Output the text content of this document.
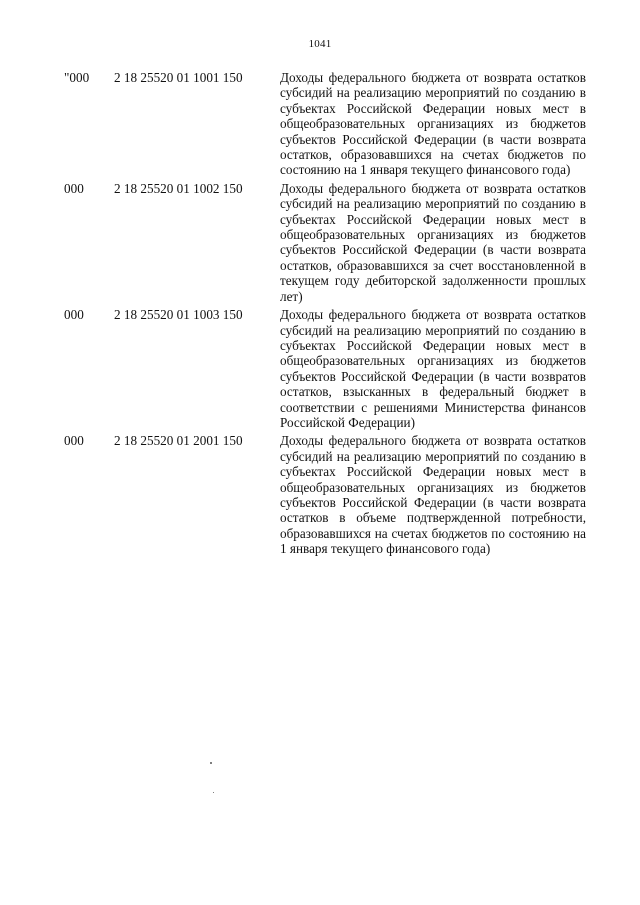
1041
"000	2 18 25520 01 1001 150	Доходы федерального бюджета от возврата остатков субсидий на реализацию мероприятий по созданию в субъектах Российской Федерации новых мест в общеобразовательных организациях из бюджетов субъектов Российской Федерации (в части возврата остатков, образовавшихся на счетах бюджетов по состоянию на 1 января текущего финансового года)
000	2 18 25520 01 1002 150	Доходы федерального бюджета от возврата остатков субсидий на реализацию мероприятий по созданию в субъектах Российской Федерации новых мест в общеобразовательных организациях из бюджетов субъектов Российской Федерации (в части возврата остатков, образовавшихся за счет восстановленной в текущем году дебиторской задолженности прошлых лет)
000	2 18 25520 01 1003 150	Доходы федерального бюджета от возврата остатков субсидий на реализацию мероприятий по созданию в субъектах Российской Федерации новых мест в общеобразовательных организациях из бюджетов субъектов Российской Федерации (в части возвратов остатков, взысканных в федеральный бюджет в соответствии с решениями Министерства финансов Российской Федерации)
000	2 18 25520 01 2001 150	Доходы федерального бюджета от возврата остатков субсидий на реализацию мероприятий по созданию в субъектах Российской Федерации новых мест в общеобразовательных организациях из бюджетов субъектов Российской Федерации (в части возврата остатков в объеме подтвержденной потребности, образовавшихся на счетах бюджетов по состоянию на 1 января текущего финансового года)
